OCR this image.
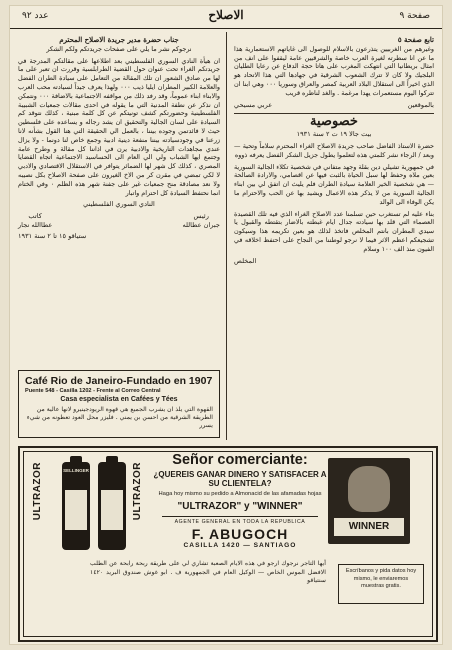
عدد ٩٢	الاصلاح	صفحة ٩
تابع صفحة ٥

وغيرهم من الغربيين يتذرعون بالاسلام للوصول الى غاياتهم الاستعمارية هذا ما عن انا سطرته لغيرة العرب خاصة والشرقيين عامة ليقفوا على انف من امثال بريطانيا التي انتهكت المغرب على هاتا حجة الدفاع عن رعايا الطليان البلجيك ولا كان لا تترك الشعوب الشرقية في جهادها التي هذا الاتحاد هو الذي اخيراً الى استقلال البلاد العربية كمصر والعراق وسوريا ٠٠٠ وهي ابنا ان تتركوا اليوم مستعمرات يهدا مرغمة . والغد لناظره قريب

بالموقعين
عربي مسيحي
خصوصية
بيت جالا ١٩ ت ٢ سنة ١٩٣١

حضرة الاستاذ الفاضل صاحب جريدة الاصلاح الغراء المحترم سلاماً وتحية — وبعد / الرجاء نشر كلمتي هذه لتعلموا يطول جزيل الشكر الفضل يعرفه ذووه

في جمهورية تشيلي دين بقلة وجهد متفاني في شخصية تكلاء الجالية السورية بعين ملاه وحفظ لها سبل الحياة بالثبت فيها عن اقصامي، والارادة الصالحة — هي شخصية الخير العلامة سيادة الطران فلم يليث ان اتفق لي بين ابناء الجالية السورية من لا يذكر هذه الاعمال ويشيد بها عن الحب والاحترام ما يكن الوفاء الى الوالد

بناء عليه لم تستغرب حين تسلمنا عدد الاصلاح الغراء الذي فيه تلك القصيدة العصماء التي قلد بها سيادته جدال ايام غبطته بالاضار بتقتطه والقبول يا سيدي المطران بانتم المخلص فاتخذ لذلك هو بعين تكريمه هذا وسيكون تشجيعكم اعظم الاثر فيما لا نرجو لوطننا من النجاح على احتفظ اخلاقه في الفيون منذ الف ١٠٠ وسلام

المخلص
جناب حضرة مدير جريدة الاصلاح المحترم

نرجوكم نشر ما يلي على صفحات جريدتكم ولكم الشكر

ان هيأة النادي السوري الفلسطيني بعد اطلاعها على مقالتكم المدرجة في جريدتكم الغراء تحت عنوان حول القضية الطرابلسية وقررت ان تعبر على ما لها من صادق الشعور ان تلك المقالة من التعامل على سيادة الطران الفضل والعلامة الكبير المطران ايليا ذيب ٠٠٠ ولهذا يعرف جيداً لسيادته محب العرب والابناء ابناء عموماً، وقد رفد ذلك من مواقفه الاجتماعية بالاضافة ٠٠٠ ونتمكن ان نذكر عن نطفة المدنية التي ما يقوله في احدى مقالات جمعيات الشبيبة الفلسطينية وحضورتكم كشف تونيتكم عن كل كلمة مبنية ، كذلك نتوقد كم السيادة على لسان الجالية والتحقيق ان يشد رجاله و يساعده على فلسطين حيث لا فائدتمن وجوده بيننا ، بالعمل الي الحقيقة التي هنا القول بشأنه لانا زرعنا في وجودسيادته بيننا منفعة دينية ادبية وجمع خاص لنا دونما - ولا يزال عندي مجاهدات التاريخية والادبية يرن في اذاننا كل مقالة و وطرح عامة وجتمع ايها الشباب ولي الي العام الى الحساسيد الاجتماعية اتجاه القضايا المصري ، كذلك كل شهر لها الضمائر يتوافر في الاستقلال الاقتصادي والادبي لا لكي تمضي في مقرن كر من الاخ الغيرون على صفحة الاصلاح بكل نصيبه ولا نعد مصادقة منح جمعيات غير على جفنة شهر هذه الظلم ٠ وفي الختام انما نحتفظ السيادة كل احترام واتبار

النادي السوري الفلسطيني
رئيس
جبران عطالله
كاتب
عطاالله نجار
ستياقو ١٥ تا ٢ سنة ١٩٣١
Café Rio de Janeiro-Fundado en 1907
Puente 548 - Casilla 1202 - Frente al Correo Central
Casa especialista en Cafées y Tées
القهوة التي يلذ ان يشرب الجميع هي قهوة الريودجينيرو لانها عالية من الطريقة الشرقية من احسن بن يمني . فليزر محل العود تعطونه من شيء يسرر
ULTRAZOR	SELLINGER	ULTRAZOR
Señor comerciante:
¿QUEREIS GANAR DINERO Y SATISFACER A SU CLIENTELA?
Haga hoy mismo su pedido a Almonacid de las afamadas hojas
"ULTRAZOR" y "WINNER"
AGENTE GENERAL EN TODA LA REPUBLICA
F. ABUGOCH
CASILLA 1420 — SANTIAGO
WINNER
أيها التاجر نرجوك ارجو في هذه الايام الصعبة تشاري لي على طريقة ربحة رابحة عن الطلب الافضل الموس الخاص — الوكيل العام في الجمهورية ف . ابو غوش صندوق البريد ١٤٢٠ سنتياقو
Escríbanos y pida datos hoy mismo, le enviaremos muestras gratis.
